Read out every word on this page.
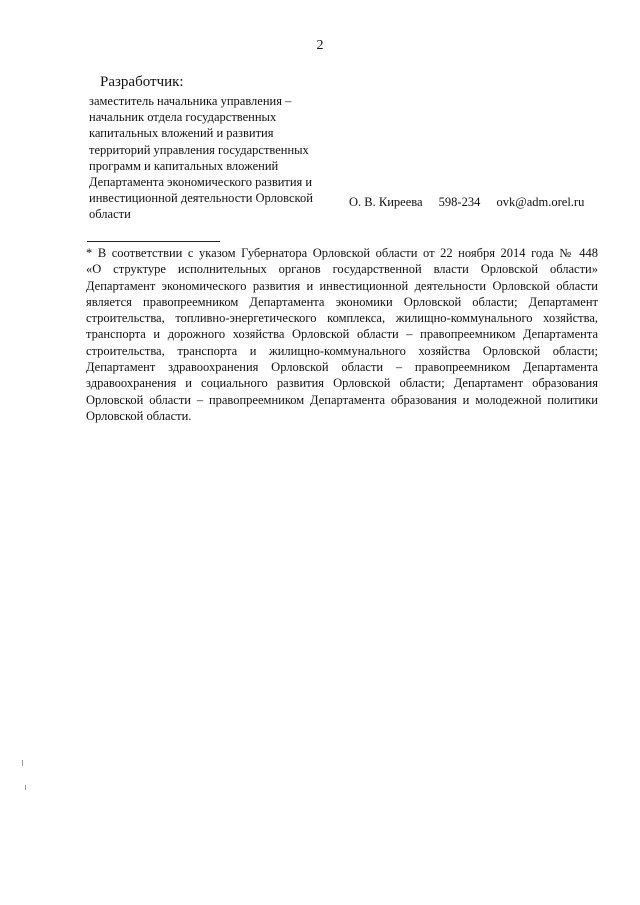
2
Разработчик:
заместитель начальника управления –
начальник отдела государственных
капитальных вложений и развития
территорий управления государственных
программ и капитальных вложений
Департамента экономического развития и
инвестиционной деятельности Орловской
области
О. В. Киреева 598-234 ovk@adm.orel.ru
* В соответствии с указом Губернатора Орловской области от 22 ноября 2014 года № 448
«О структуре исполнительных органов государственной власти Орловской области»
Департамент экономического развития и инвестиционной деятельности Орловской области
является правопреемником Департамента экономики Орловской области; Департамент
строительства, топливно-энергетического комплекса, жилищно-коммунального хозяйства,
транспорта и дорожного хозяйства Орловской области – правопреемником Департамента
строительства, транспорта и жилищно-коммунального хозяйства Орловской области;
Департамент здравоохранения Орловской области – правопреемником Департамента
здравоохранения и социального развития Орловской области; Департамент образования
Орловской области – правопреемником Департамента образования и молодежной политики
Орловской области.
